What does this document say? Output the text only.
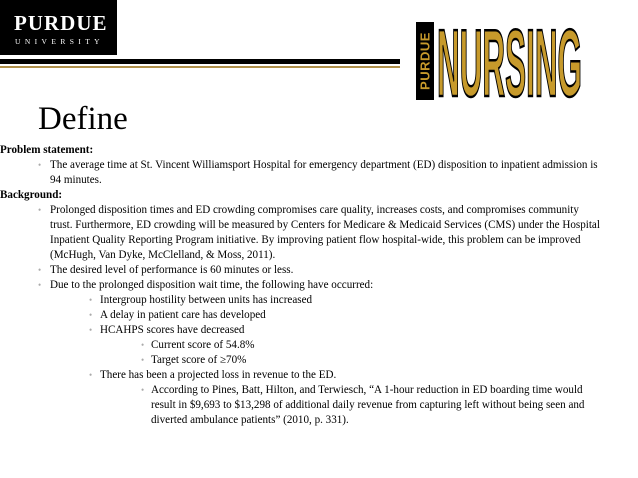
PURDUE
UNIVERSITY	PURDUE NURSING
Define

Problem statement:

• The average time at St. Vincent Williamsport Hospital for emergency department (ED) disposition to inpatient admission is 94 minutes.

Background:

• Prolonged disposition times and ED crowding compromises care quality, increases costs, and compromises community trust. Furthermore, ED crowding will be measured by Centers for Medicare & Medicaid Services (CMS) under the Hospital Inpatient Quality Reporting Program initiative. By improving patient flow hospital-wide, this problem can be improved (McHugh, Van Dyke, McClelland, & Moss, 2011).

• The desired level of performance is 60 minutes or less.

• Due to the prolonged disposition wait time, the following have occurred:

• Intergroup hostility between units has increased

• A delay in patient care has developed

• HCAHPS scores have decreased

• Current score of 54.8%

• Target score of ≥70%

• There has been a projected loss in revenue to the ED.

• According to Pines, Batt, Hilton, and Terwiesch, “A 1-hour reduction in ED boarding time would result in $9,693 to $13,298 of additional daily revenue from capturing left without being seen and diverted ambulance patients” (2010, p. 331).
